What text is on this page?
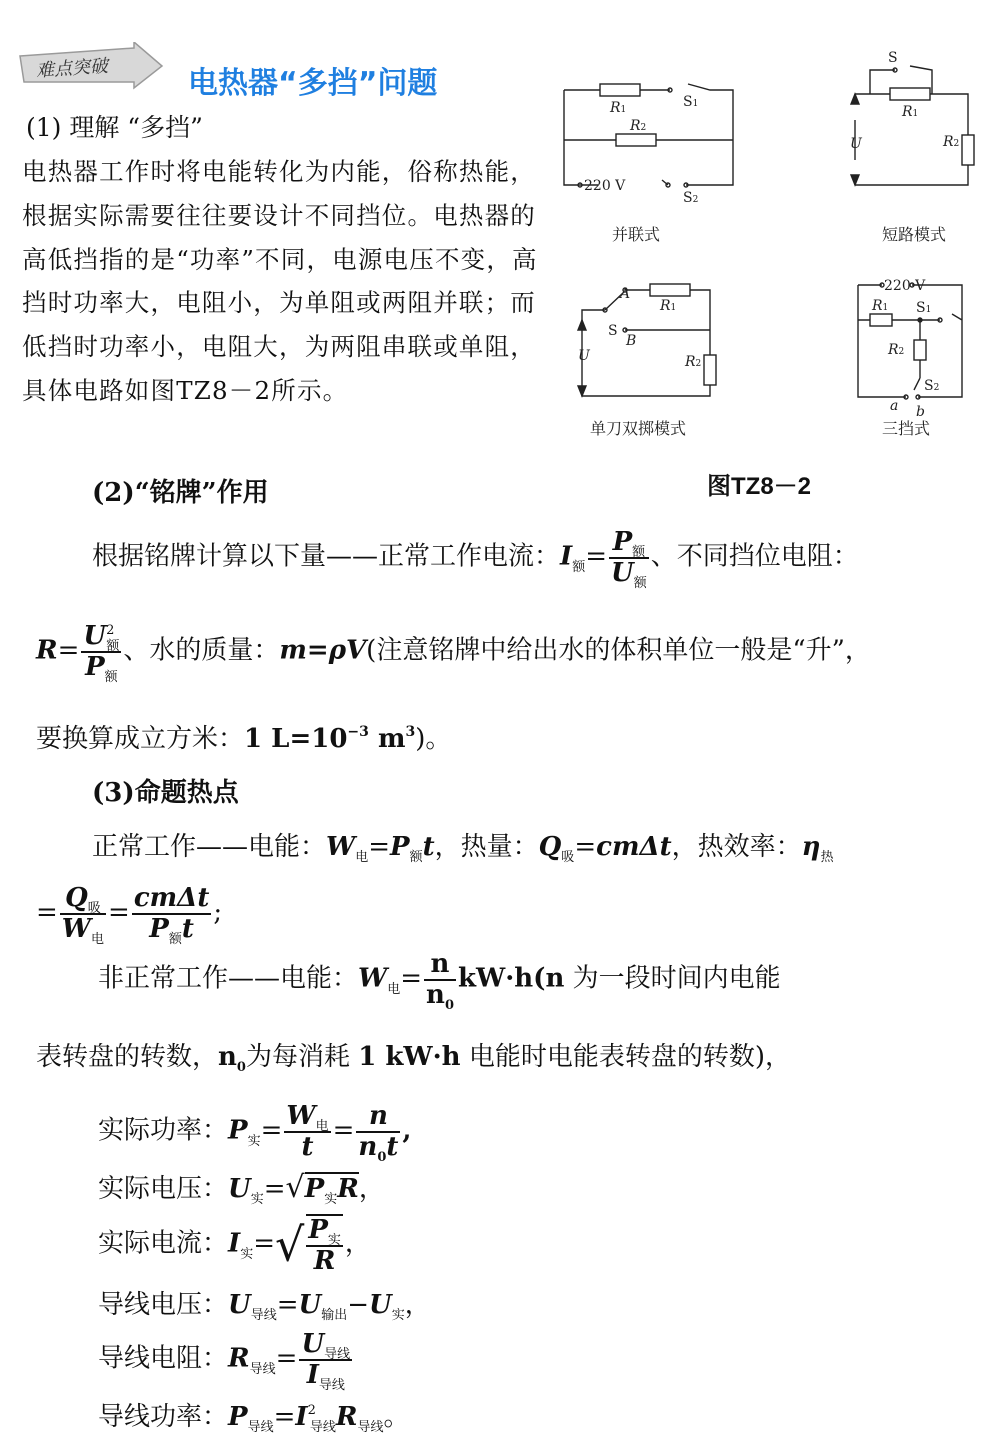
难点突破	电热器“多挡”问题
(1) 理解 “多挡”
电热器工作时将电能转化为内能，俗称热能，根据实际需要往往要设计不同挡位。电热器的高低挡指的是“功率”不同，电源电压不变，高挡时功率大，电阻小，为单阻或两阻并联；而低挡时功率小，电阻大，为两阻串联或单阻，具体电路如图TZ8－2所示。
R1
R2
S1
220 V
S2
并联式
S
R1
U	R2
短路模式
A
R1
S
B
U	R2
单刀双掷模式
220 V
R1 S1
R2
S2
a b
三挡式
图TZ8－2
(2)“铭牌”作用
根据铭牌计算以下量——正常工作电流：$I_额= \frac{P_额}{U_额}$ 、不同挡位电阻：
$R= \frac{U^2_额}{P_额}$ 、水的质量：m=ρV(注意铭牌中给出水的体积单位一般是“升”，
要换算成立方米：1 $L=10^{-3}$ $m^3$)。
(3)命题热点
正常工作——电能：$W_电=P_额t$，热量：$Q_吸=cm\Delta t$，热效率：$\eta_热$
= $\frac{Q_吸}{W_电} = \frac{\text{cmΔt}}{P_额t}$ ;
非正常工作——电能：$W_电= \frac{n}{n_0} kW\cdot h(n$ 为一段时间内电能
表转盘的转数，$n_0$为每消耗 1 kW·h 电能时电能表转盘的转数)，
实际功率：$P_实= \frac{W_电}{t} = \frac{n}{n_0t}$ ,
实际电压：$U_实=√P_实R$，
实际电流：$I_实=√ \frac{P_实}{R}$ ，
导线电压：$U_{导线}=U_{输出}-U_实$，
导线电阻：$R_{导线}= \frac{U_{导线}}{I_{导线}}$
导线功率：$P_{导线}=I^2_{导线}R_{导线}$。
